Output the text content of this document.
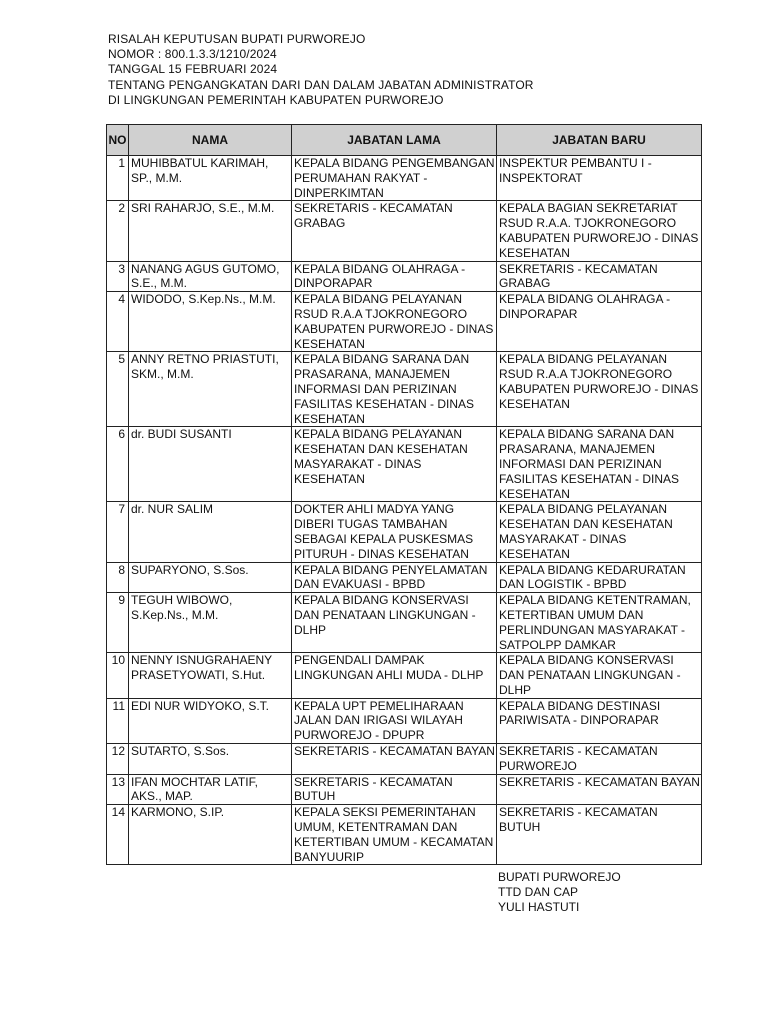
RISALAH KEPUTUSAN BUPATI PURWOREJO
NOMOR : 800.1.3.3/1210/2024
TANGGAL 15 FEBRUARI 2024
TENTANG PENGANGKATAN DARI DAN DALAM JABATAN ADMINISTRATOR
DI LINGKUNGAN PEMERINTAH KABUPATEN PURWOREJO
NO	NAMA	JABATAN LAMA	JABATAN BARU
1	MUHIBBATUL KARIMAH, SP., M.M.	KEPALA BIDANG PENGEMBANGAN PERUMAHAN RAKYAT - DINPERKIMTAN	INSPEKTUR PEMBANTU I - INSPEKTORAT
2	SRI RAHARJO, S.E., M.M.	SEKRETARIS - KECAMATAN GRABAG	KEPALA BAGIAN SEKRETARIAT RSUD R.A.A. TJOKRONEGORO KABUPATEN PURWOREJO - DINAS KESEHATAN
3	NANANG AGUS GUTOMO, S.E., M.M.	KEPALA BIDANG OLAHRAGA - DINPORAPAR	SEKRETARIS - KECAMATAN GRABAG
4	WIDODO, S.Kep.Ns., M.M.	KEPALA BIDANG PELAYANAN RSUD R.A.A TJOKRONEGORO KABUPATEN PURWOREJO - DINAS KESEHATAN	KEPALA BIDANG OLAHRAGA - DINPORAPAR
5	ANNY RETNO PRIASTUTI, SKM., M.M.	KEPALA BIDANG SARANA DAN PRASARANA, MANAJEMEN INFORMASI DAN PERIZINAN FASILITAS KESEHATAN - DINAS KESEHATAN	KEPALA BIDANG PELAYANAN RSUD R.A.A TJOKRONEGORO KABUPATEN PURWOREJO - DINAS KESEHATAN
6	dr. BUDI SUSANTI	KEPALA BIDANG PELAYANAN KESEHATAN DAN KESEHATAN MASYARAKAT - DINAS KESEHATAN	KEPALA BIDANG SARANA DAN PRASARANA, MANAJEMEN INFORMASI DAN PERIZINAN FASILITAS KESEHATAN - DINAS KESEHATAN
7	dr. NUR SALIM	DOKTER AHLI MADYA YANG DIBERI TUGAS TAMBAHAN SEBAGAI KEPALA PUSKESMAS PITURUH - DINAS KESEHATAN	KEPALA BIDANG PELAYANAN KESEHATAN DAN KESEHATAN MASYARAKAT - DINAS KESEHATAN
8	SUPARYONO, S.Sos.	KEPALA BIDANG PENYELAMATAN DAN EVAKUASI - BPBD	KEPALA BIDANG KEDARURATAN DAN LOGISTIK - BPBD
9	TEGUH WIBOWO, S.Kep.Ns., M.M.	KEPALA BIDANG KONSERVASI DAN PENATAAN LINGKUNGAN - DLHP	KEPALA BIDANG KETENTRAMAN, KETERTIBAN UMUM DAN PERLINDUNGAN MASYARAKAT - SATPOLPP DAMKAR
10	NENNY ISNUGRAHAENY PRASETYOWATI, S.Hut.	PENGENDALI DAMPAK LINGKUNGAN AHLI MUDA - DLHP	KEPALA BIDANG KONSERVASI DAN PENATAAN LINGKUNGAN - DLHP
11	EDI NUR WIDYOKO, S.T.	KEPALA UPT PEMELIHARAAN JALAN DAN IRIGASI WILAYAH PURWOREJO - DPUPR	KEPALA BIDANG DESTINASI PARIWISATA - DINPORAPAR
12	SUTARTO, S.Sos.	SEKRETARIS - KECAMATAN BAYAN	SEKRETARIS - KECAMATAN PURWOREJO
13	IFAN MOCHTAR LATIF, AKS., MAP.	SEKRETARIS - KECAMATAN BUTUH	SEKRETARIS - KECAMATAN BAYAN
14	KARMONO, S.IP.	KEPALA SEKSI PEMERINTAHAN UMUM, KETENTRAMAN DAN KETERTIBAN UMUM - KECAMATAN BANYUURIP	SEKRETARIS - KECAMATAN BUTUH
BUPATI PURWOREJO
TTD DAN CAP
YULI HASTUTI
